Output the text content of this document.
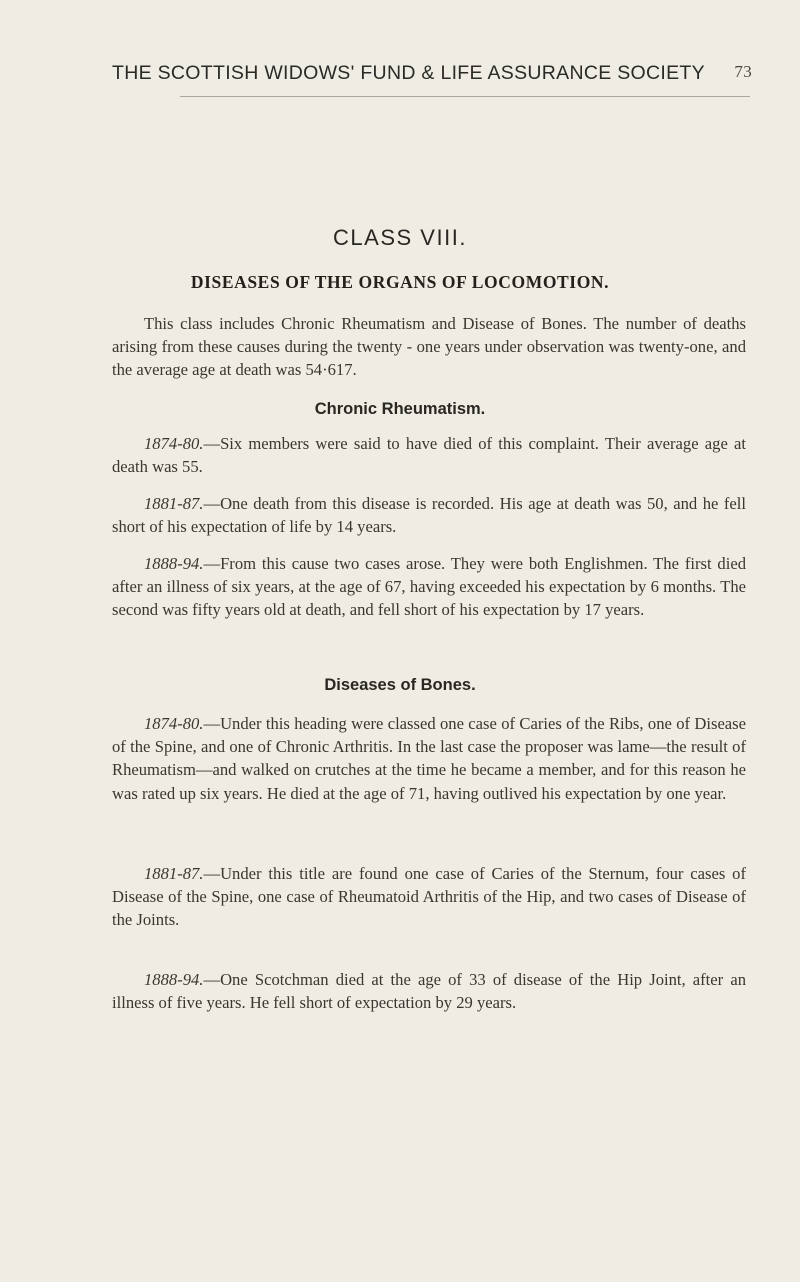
THE SCOTTISH WIDOWS' FUND & LIFE ASSURANCE SOCIETY 73
CLASS VIII.
DISEASES OF THE ORGANS OF LOCOMOTION.

This class includes Chronic Rheumatism and Disease of Bones. The number of deaths arising from these causes during the twenty - one years under observation was twenty-one, and the average age at death was 54·617.

Chronic Rheumatism.

1874-80.—Six members were said to have died of this complaint. Their average age at death was 55.

1881-87.—One death from this disease is recorded. His age at death was 50, and he fell short of his expectation of life by 14 years.

1888-94.—From this cause two cases arose. They were both Englishmen. The first died after an illness of six years, at the age of 67, having exceeded his expectation by 6 months. The second was fifty years old at death, and fell short of his expectation by 17 years.

Diseases of Bones.

1874-80.—Under this heading were classed one case of Caries of the Ribs, one of Disease of the Spine, and one of Chronic Arthritis. In the last case the proposer was lame—the result of Rheumatism—and walked on crutches at the time he became a member, and for this reason he was rated up six years. He died at the age of 71, having outlived his expectation by one year.

1881-87.—Under this title are found one case of Caries of the Sternum, four cases of Disease of the Spine, one case of Rheumatoid Arthritis of the Hip, and two cases of Disease of the Joints.

1888-94.—One Scotchman died at the age of 33 of disease of the Hip Joint, after an illness of five years. He fell short of expectation by 29 years.
